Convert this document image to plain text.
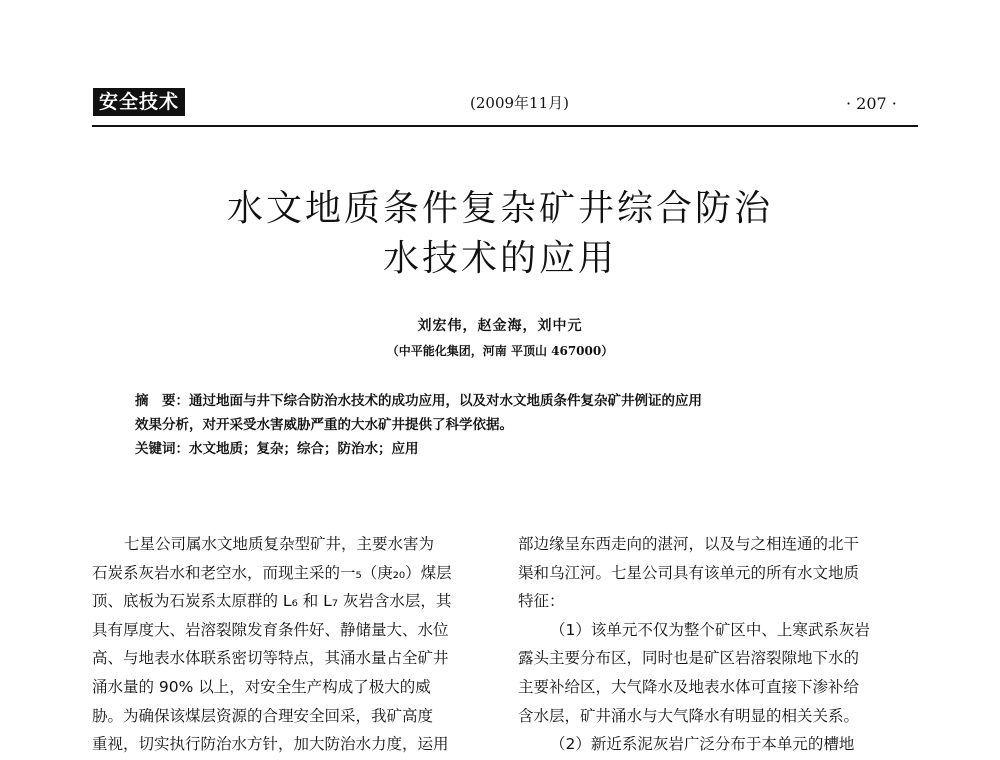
安全技术	(2009年11月)	· 207 ·
水文地质条件复杂矿井综合防治
水技术的应用
刘宏伟，赵金海，刘中元
（中平能化集团，河南 平顶山 467000）
摘　要：通过地面与井下综合防治水技术的成功应用，以及对水文地质条件复杂矿井例证的应用
效果分析，对开采受水害威胁严重的大水矿井提供了科学依据。
关键词：水文地质；复杂；综合；防治水；应用

七星公司属水文地质复杂型矿井，主要水害为

石炭系灰岩水和老空水，而现主采的一₅（庚₂₀）煤层

顶、底板为石炭系太原群的 L₆ 和 L₇ 灰岩含水层，其

具有厚度大、岩溶裂隙发育条件好、静储量大、水位

高、与地表水体联系密切等特点，其涌水量占全矿井

涌水量的 90% 以上，对安全生产构成了极大的威

胁。为确保该煤层资源的合理安全回采，我矿高度

重视，切实执行防治水方针，加大防治水力度，运用

部边缘呈东西走向的湛河，以及与之相连通的北干

渠和乌江河。七星公司具有该单元的所有水文地质

特征：

（1）该单元不仅为整个矿区中、上寒武系灰岩

露头主要分布区，同时也是矿区岩溶裂隙地下水的

主要补给区，大气降水及地表水体可直接下渗补给

含水层，矿井涌水与大气降水有明显的相关关系。

（2）新近系泥灰岩广泛分布于本单元的槽地
